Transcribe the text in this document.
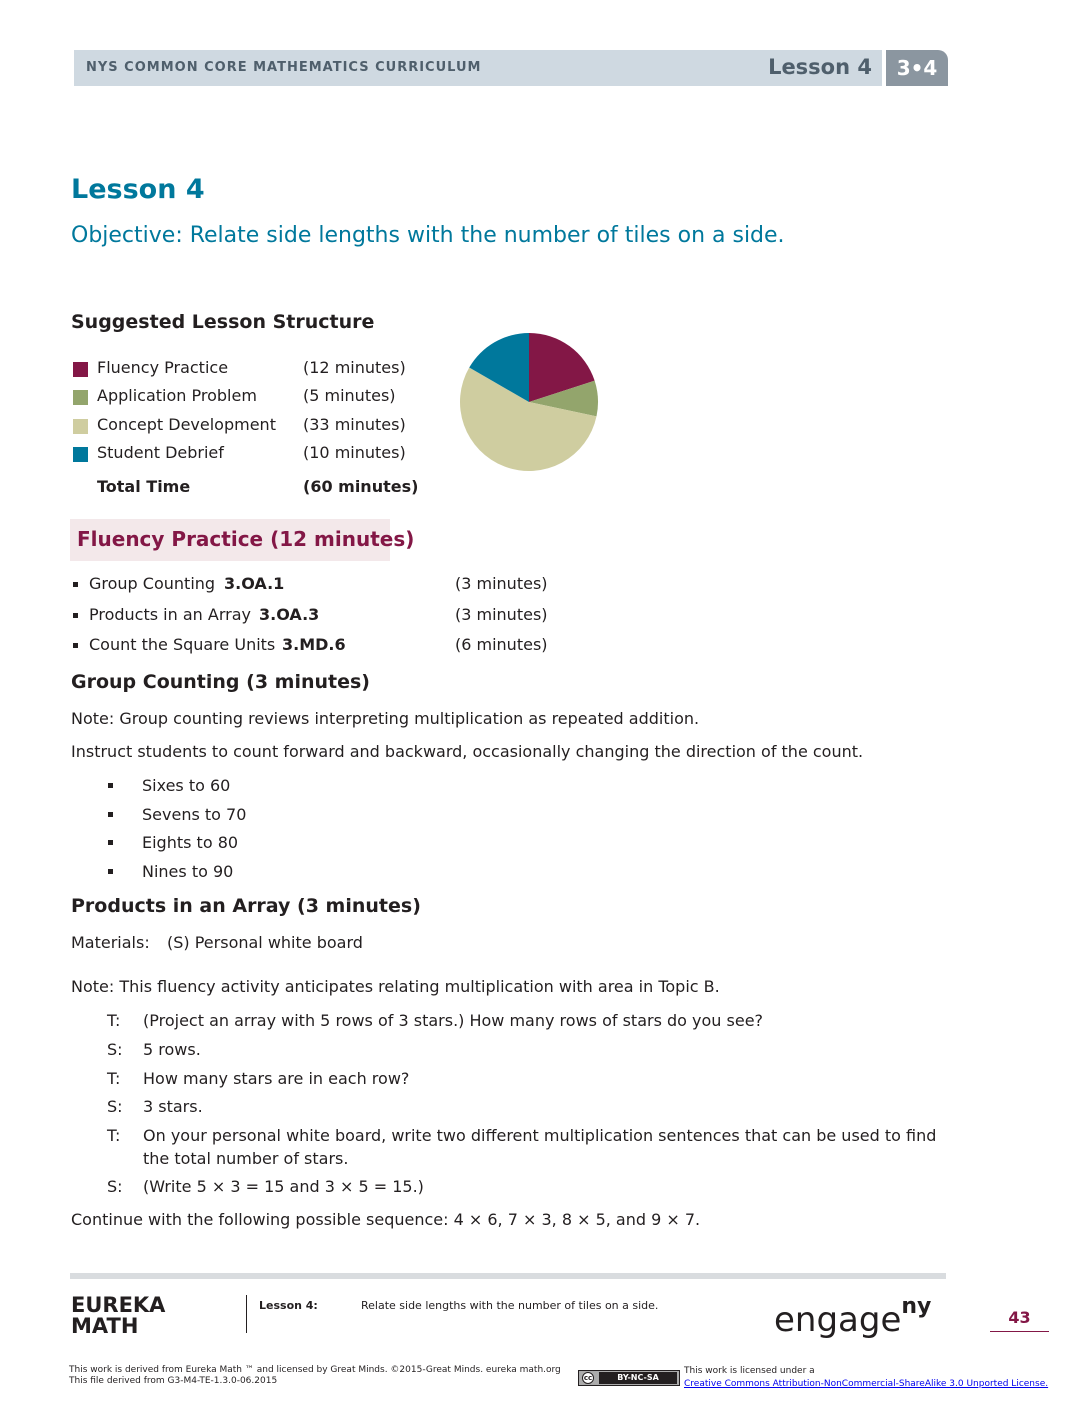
NYS COMMON CORE MATHEMATICS CURRICULUM	Lesson 4	3•4
Lesson 4
Objective: Relate side lengths with the number of tiles on a side.
Suggested Lesson Structure
Fluency Practice	(12 minutes)
Application Problem	(5 minutes)
Concept Development (33 minutes)
Student Debrief	(10 minutes)
Total Time	(60 minutes)
Fluency Practice (12 minutes)
Group Counting 3.OA.1	(3 minutes)
Products in an Array 3.OA.3	(3 minutes)
Count the Square Units 3.MD.6	(6 minutes)
Group Counting (3 minutes)
Note: Group counting reviews interpreting multiplication as repeated addition.
Instruct students to count forward and backward, occasionally changing the direction of the count.
Sixes to 60
Sevens to 70
Eights to 80
Nines to 90
Products in an Array (3 minutes)
Materials: (S) Personal white board
Note: This fluency activity anticipates relating multiplication with area in Topic B.
T: (Project an array with 5 rows of 3 stars.) How many rows of stars do you see?
S: 5 rows.
T: How many stars are in each row?
S: 3 stars.
T: On your personal white board, write two different multiplication sentences that can be used to find
the total number of stars.
S: (Write 5 × 3 = 15 and 3 × 5 = 15.)
Continue with the following possible sequence: 4 × 6, 7 × 3, 8 × 5, and 9 × 7.
EUREKA
MATH
Lesson 4:	Relate side lengths with the number of tiles on a side.	engage$^{ny}$	43
This work is derived from Eureka Math ™ and licensed by Great Minds. ©2015-Great Minds. eureka math.org
This file derived from G3-M4-TE-1.3.0-06.2015	cc	BY-NC-SA
This work is licensed under a
Creative Commons Attribution-NonCommercial-ShareAlike 3.0 Unported License.
